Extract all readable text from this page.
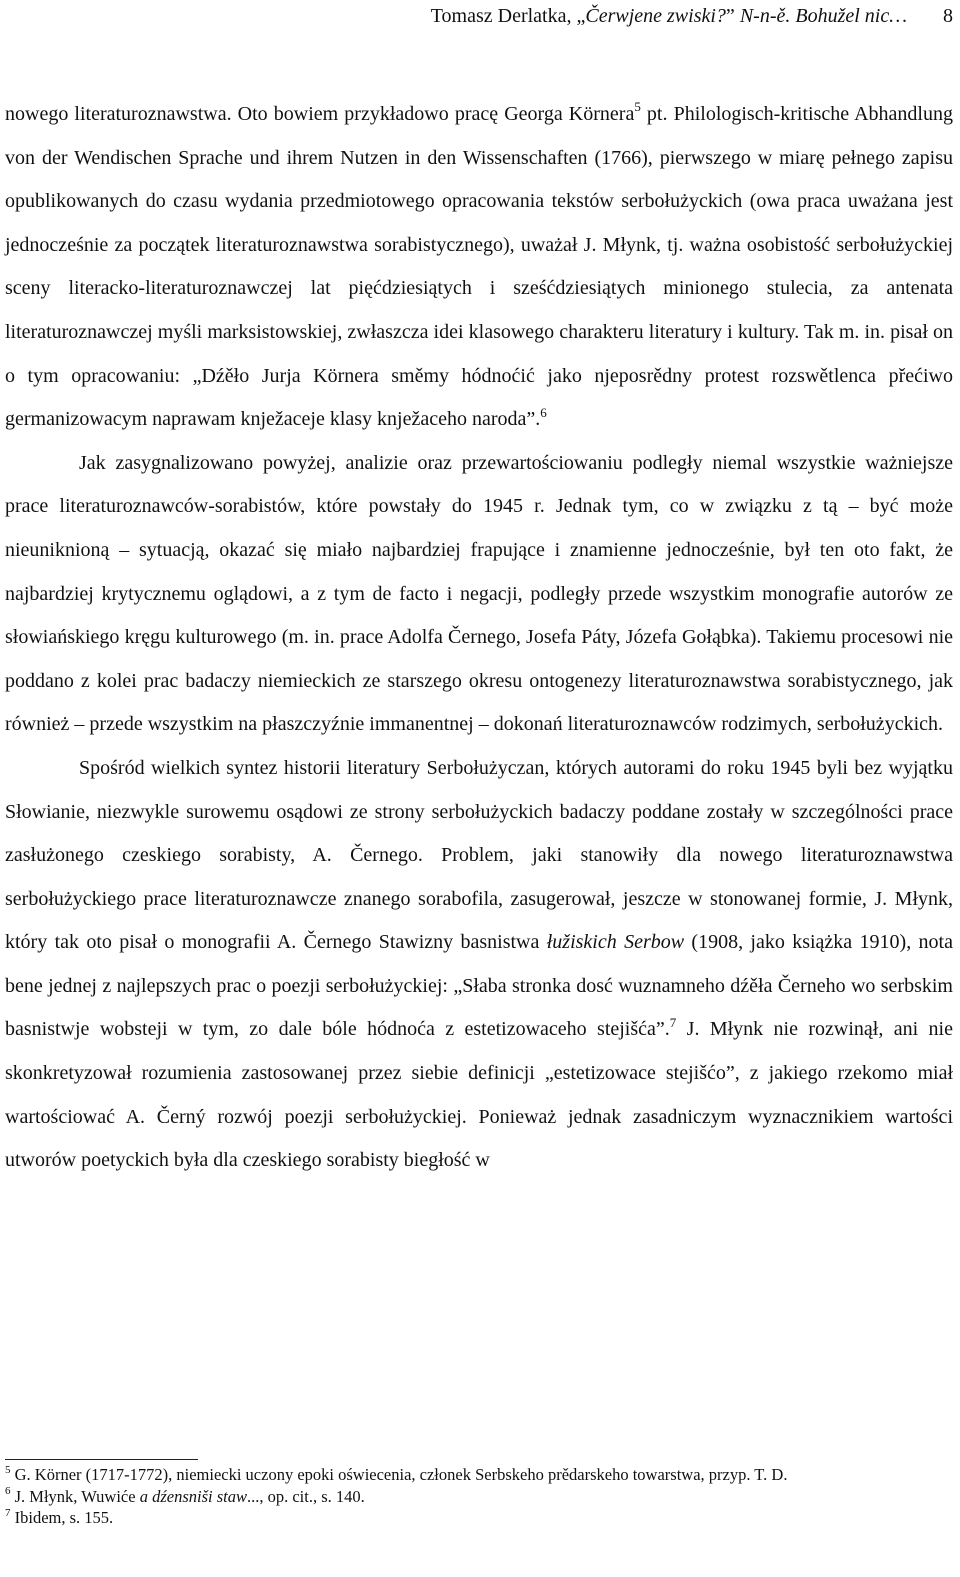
Tomasz Derlatka, „Čerwjene zwiski?” N-n-ě. Bohužel nic… 8

nowego literaturoznawstwa. Oto bowiem przykładowo pracę Georga Körnera$^5$ pt. Philologisch-kritische Abhandlung von der Wendischen Sprache und ihrem Nutzen in den Wissenschaften (1766), pierwszego w miarę pełnego zapisu opublikowanych do czasu wydania przedmiotowego opracowania tekstów serbołużyckich (owa praca uważana jest jednocześnie za początek literaturoznawstwa sorabistycznego), uważał J. Młynk, tj. ważna osobistość serbołużyckiej sceny literacko-literaturoznawczej lat pięćdziesiątych i sześćdziesiątych minionego stulecia, za antenata literaturoznawczej myśli marksistowskiej, zwłaszcza idei klasowego charakteru literatury i kultury. Tak m. in. pisał on o tym opracowaniu: „Dźěło Jurja Körnera směmy hódnoćić jako njeposrědny protest rozswětlenca přećiwo germanizowacym naprawam knježaceje klasy knježaceho naroda”.$^6$

Jak zasygnalizowano powyżej, analizie oraz przewartościowaniu podległy niemal wszystkie ważniejsze prace literaturoznawców-sorabistów, które powstały do 1945 r. Jednak tym, co w związku z tą – być może nieuniknioną – sytuacją, okazać się miało najbardziej frapujące i znamienne jednocześnie, był ten oto fakt, że najbardziej krytycznemu oglądowi, a z tym de facto i negacji, podległy przede wszystkim monografie autorów ze słowiańskiego kręgu kulturowego (m. in. prace Adolfa Černego, Josefa Páty, Józefa Gołąbka). Takiemu procesowi nie poddano z kolei prac badaczy niemieckich ze starszego okresu ontogenezy literaturoznawstwa sorabistycznego, jak również – przede wszystkim na płaszczyźnie immanentnej – dokonań literaturoznawców rodzimych, serbołużyckich.

Spośród wielkich syntez historii literatury Serbołużyczan, których autorami do roku 1945 byli bez wyjątku Słowianie, niezwykle surowemu osądowi ze strony serbołużyckich badaczy poddane zostały w szczególności prace zasłużonego czeskiego sorabisty, A. Černego. Problem, jaki stanowiły dla nowego literaturoznawstwa serbołużyckiego prace literaturoznawcze znanego sorabofila, zasugerował, jeszcze w stonowanej formie, J. Młynk, który tak oto pisał o monografii A. Černego Stawizny basnistwa łužiskich Serbow (1908, jako książka 1910), nota bene jednej z najlepszych prac o poezji serbołużyckiej: „Słaba stronka dosć wuznamneho dźěła Černeho wo serbskim basnistwje wobsteji w tym, zo dale bóle hódnoća z estetizowaceho stejišća”.$^7$ J. Młynk nie rozwinął, ani nie skonkretyzował rozumienia zastosowanej przez siebie definicji „estetizowace stejišćo”, z jakiego rzekomo miał wartościować A. Černý rozwój poezji serbołużyckiej. Ponieważ jednak zasadniczym wyznacznikiem wartości utworów poetyckich była dla czeskiego sorabisty biegłość w

$^5$ G. Körner (1717-1772), niemiecki uczony epoki oświecenia, członek Serbskeho prědarskeho towarstwa, przyp. T. D.

$^6$ J. Młynk, Wuwiće a dźensniši staw..., op. cit., s. 140.

$^7$ Ibidem, s. 155.
